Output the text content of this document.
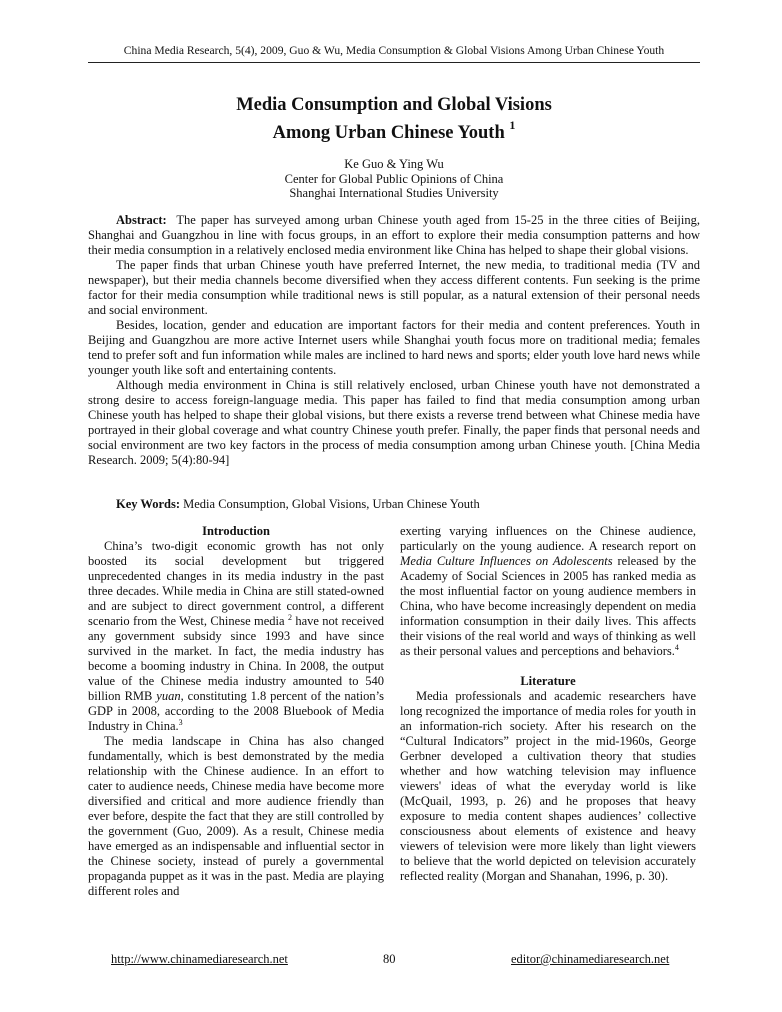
China Media Research, 5(4), 2009, Guo & Wu, Media Consumption & Global Visions Among Urban Chinese Youth
Media Consumption and Global Visions
Among Urban Chinese Youth $^1$
Ke Guo & Ying Wu
Center for Global Public Opinions of China
Shanghai International Studies University

Abstract: The paper has surveyed among urban Chinese youth aged from 15-25 in the three cities of Beijing, Shanghai and Guangzhou in line with focus groups, in an effort to explore their media consumption patterns and how their media consumption in a relatively enclosed media environment like China has helped to shape their global visions.

The paper finds that urban Chinese youth have preferred Internet, the new media, to traditional media (TV and newspaper), but their media channels become diversified when they access different contents. Fun seeking is the prime factor for their media consumption while traditional news is still popular, as a natural extension of their personal needs and social environment.

Besides, location, gender and education are important factors for their media and content preferences. Youth in Beijing and Guangzhou are more active Internet users while Shanghai youth focus more on traditional media; females tend to prefer soft and fun information while males are inclined to hard news and sports; elder youth love hard news while younger youth like soft and entertaining contents.

Although media environment in China is still relatively enclosed, urban Chinese youth have not demonstrated a strong desire to access foreign-language media. This paper has failed to find that media consumption among urban Chinese youth has helped to shape their global visions, but there exists a reverse trend between what Chinese media have portrayed in their global coverage and what country Chinese youth prefer. Finally, the paper finds that personal needs and social environment are two key factors in the process of media consumption among urban Chinese youth. [China Media Research. 2009; 5(4):80-94]

Key Words: Media Consumption, Global Visions, Urban Chinese Youth

Introduction

China’s two-digit economic growth has not only boosted its social development but triggered unprecedented changes in its media industry in the past three decades. While media in China are still stated-owned and are subject to direct government control, a different scenario from the West, Chinese media $^2$ have not received any government subsidy since 1993 and have since survived in the market. In fact, the media industry has become a booming industry in China. In 2008, the output value of the Chinese media industry amounted to 540 billion RMB yuan, constituting 1.8 percent of the nation’s GDP in 2008, according to the 2008 Bluebook of Media Industry in China.$^3$

The media landscape in China has also changed fundamentally, which is best demonstrated by the media relationship with the Chinese audience. In an effort to cater to audience needs, Chinese media have become more diversified and critical and more audience friendly than ever before, despite the fact that they are still controlled by the government (Guo, 2009). As a result, Chinese media have emerged as an indispensable and influential sector in the Chinese society, instead of purely a governmental propaganda puppet as it was in the past. Media are playing different roles and

exerting varying influences on the Chinese audience, particularly on the young audience. A research report on Media Culture Influences on Adolescents released by the Academy of Social Sciences in 2005 has ranked media as the most influential factor on young audience members in China, who have become increasingly dependent on media information consumption in their daily lives. This affects their visions of the real world and ways of thinking as well as their personal values and perceptions and behaviors.$^4$

Literature

Media professionals and academic researchers have long recognized the importance of media roles for youth in an information-rich society. After his research on the “Cultural Indicators” project in the mid-1960s, George Gerbner developed a cultivation theory that studies whether and how watching television may influence viewers' ideas of what the everyday world is like (McQuail, 1993, p. 26) and he proposes that heavy exposure to media content shapes audiences’ collective consciousness about elements of existence and heavy viewers of television were more likely than light viewers to believe that the world depicted on television accurately reflected reality (Morgan and Shanahan, 1996, p. 30).

http://www.chinamediaresearch.net	80	editor@chinamediaresearch.net
